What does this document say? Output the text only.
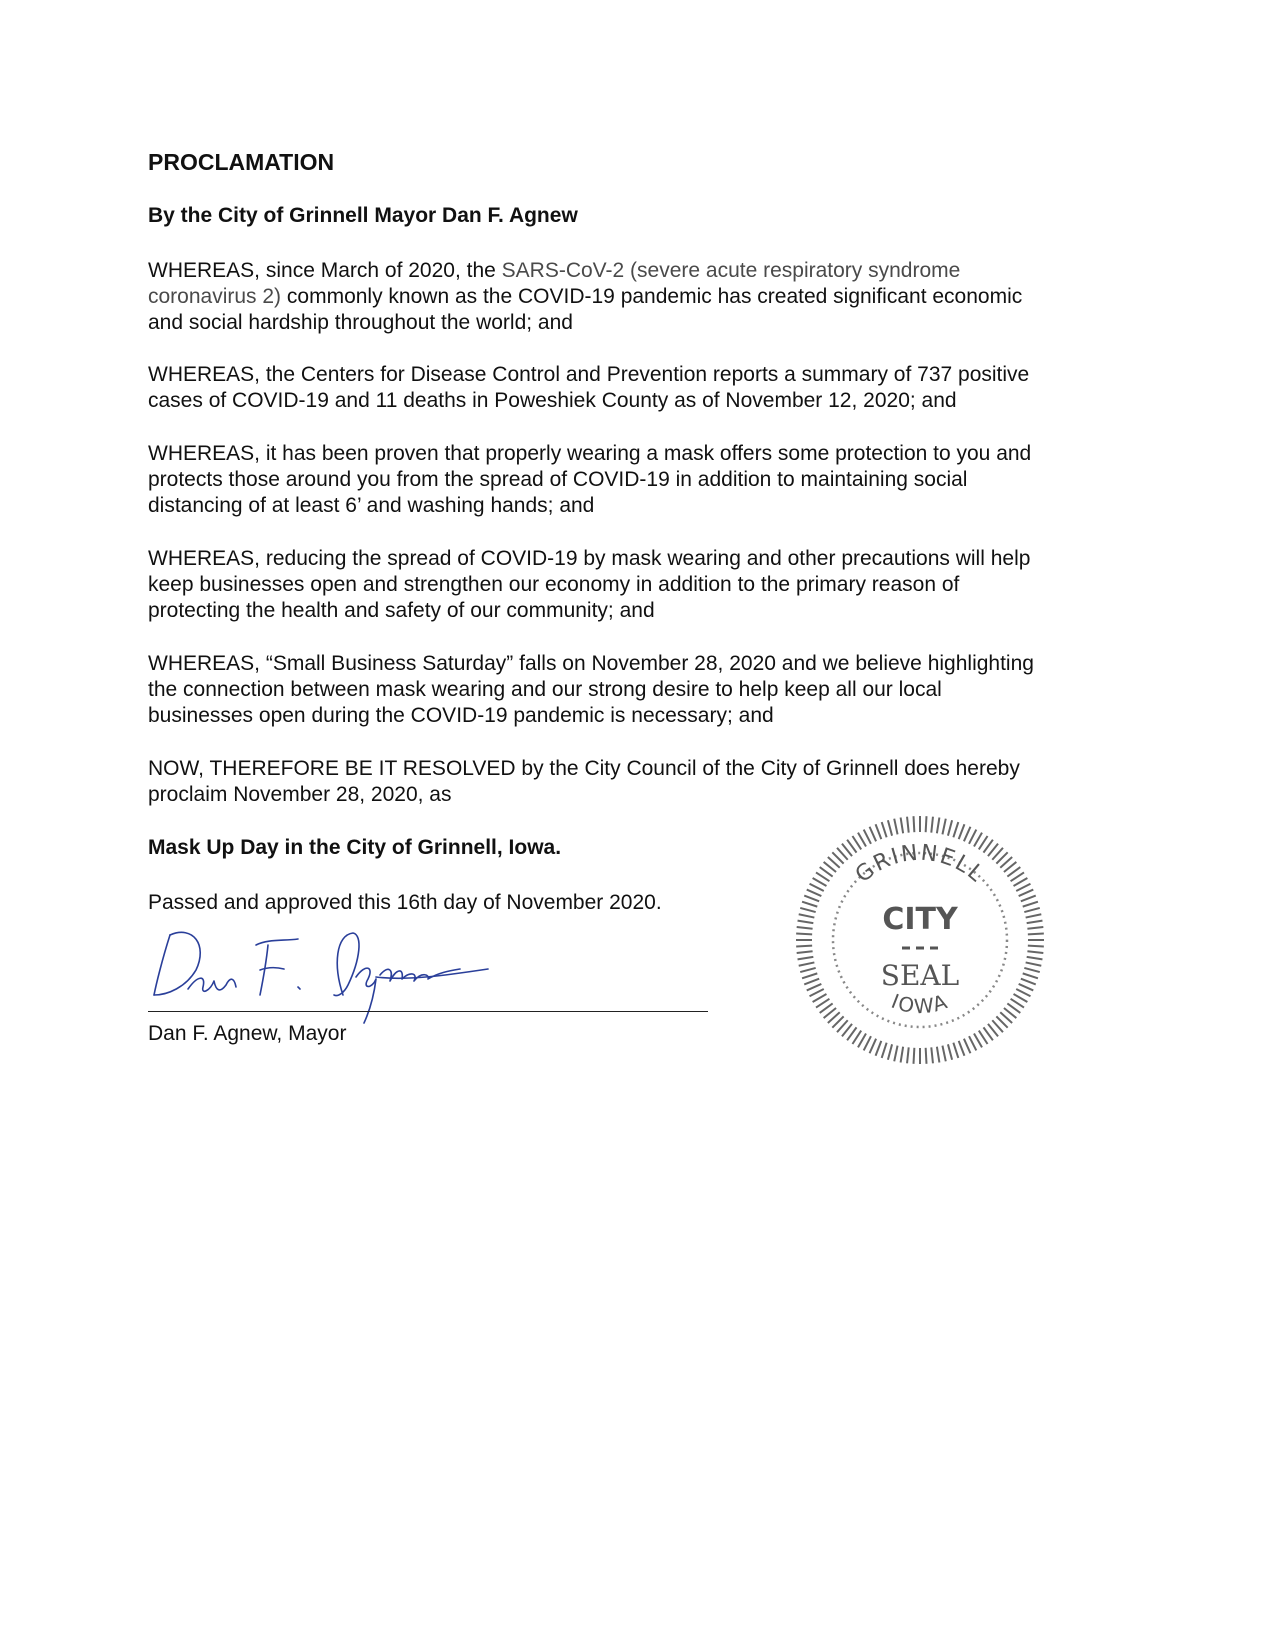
PROCLAMATION

By the City of Grinnell Mayor Dan F. Agnew

WHEREAS, since March of 2020, the SARS-CoV-2 (severe acute respiratory syndrome
coronavirus 2) commonly known as the COVID-19 pandemic has created significant economic
and social hardship throughout the world; and

WHEREAS, the Centers for Disease Control and Prevention reports a summary of 737 positive
cases of COVID-19 and 11 deaths in Poweshiek County as of November 12, 2020; and

WHEREAS, it has been proven that properly wearing a mask offers some protection to you and
protects those around you from the spread of COVID-19 in addition to maintaining social
distancing of at least 6’ and washing hands; and

WHEREAS, reducing the spread of COVID-19 by mask wearing and other precautions will help
keep businesses open and strengthen our economy in addition to the primary reason of
protecting the health and safety of our community; and

WHEREAS, “Small Business Saturday” falls on November 28, 2020 and we believe highlighting
the connection between mask wearing and our strong desire to help keep all our local
businesses open during the COVID-19 pandemic is necessary; and

NOW, THEREFORE BE IT RESOLVED by the City Council of the City of Grinnell does hereby
proclaim November 28, 2020, as

Mask Up Day in the City of Grinnell, Iowa.

Passed and approved this 16th day of November 2020.

Dan F. Agnew, Mayor

GRINNELL
IOWA
CITY
SEAL
